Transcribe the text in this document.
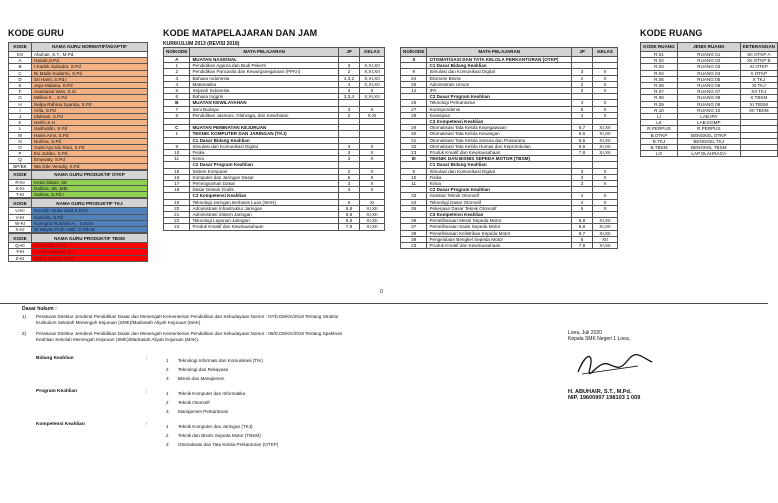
KODE GURU	KODE MATAPELAJARAN DAN JAM	KODE RUANG
KODE	NAMA GURU NORMATIF/ADAPTIF
KS	Abuhair, S.T., M.Pd.
A	Hanah,S.Pd.
B	I Kadek Subadra, S.Pd
C	Ni Made Sudarmi, S.Pd
D	Sri Hanti, S.Pd.I
E	Jaya Mulana, S.Pd
F	Anastasia Wea, S.Si
G	Melina K. , S.Pd
H	Nelpa Rahma Syamta, S.Pd
I	Arila, S.Pd
J	Idulman, S.Pd
K	Herlin,S.H
L	Sarifuddin, S.Pd
M	Hanis Amir, S.Pd
N	Nurlina, S.Pd
O	Gusti Ayu Idu Rani, S.Pd
P	Evi Juslan, S.Pd
Q	Emywaty, S.Pd
BP/BK	Wa Ode Veradiy, S.Pd
KODE	NAMA GURU PRODUKTIF OTKP
R-KI	Ketut Sitiani, SE
S-KI	Dallora, SE.,MM
T-KI	Sartina, S.Pd.I
KODE	NAMA GURU PRODUKTIF TKJ
U-KI	M.Kahir Atuku Said,S.Kom
V-KI	Karimila, S.Pd
W-KI	Kuringrat Rusmini A. , S.Kom
X-KI	Ni Wayan Putri Astiti, S.Tek.M
KODE	NAMA GURU PRODUKTIF TBSM
Q-KI	Suhendar, S.Pd
Y-KI	Ari EB Anggara, S.T.
Z-KI	Ratna Anjaya, S.Pd
KURIKULUM 2013 (REVISI 2018)
NO/KODE	MATA PELAJARAN	JP	KELAS
A	MUATAN NASIONAL		
1	Pendidikan Agama dan Budi Pekerti	3	X,XI,XII
2	Pendidikan Pancasila dan Kewarganegaraan (PPKn)	2	X,XI,XII
3	Bahasa Indonesia	4,3,2	X,XI,XII
4	Matematika	4	X,XI,XII
5	Sejarah Indonesia	3	X
6	Bahasa Inggris	3,3,4	X,XI,XII
B	MUATAN KEWILAYAHAN		
7	Seni Budaya	3	X
8	Pendidikan Jasmani, Olahraga, dan Kesehatan	2	X,XI

C	MUATAN PEMINATAN KEJURUAN		
I	TEKNIK KOMPUTER DAN JARINGAN (TKJ)		
	C1 Dasar Bidang Keahlian		
9	Simulasi dan Komunikasi Digital	3	X
10	Fisika	3	X
11	Kimia	3	X
	C2 Dasar Program Keahlian		
15	Sistem Komputer	2	X
16	Komputer dan Jaringan Dasar	5	X
17	Pemrograman Dasar	3	X
18	Dasar Desain Grafis	3	X
	C3 Kompetensi Keahlian		
19	Teknologi Jaringan Berbasis Luas (WAN)	6	XI
20	Administrasi Infrastruktur Jaringan	6,8	XI,XII
21	Administrasi Sistem Jaringan	6,8	XI,XII
22	Teknologi Layanan Jaringan	6,8	XI,XII
23	Produk Kreatif dan Kewirausahaan	7,8	XI,XII
NO/KODE	MATA PELAJARAN	JP	KELAS
II	OTOMATISASI DAN TATA KELOLA PERKANTORAN (OTKP)		
	C1 Dasar Bidang Keahlian		
9	Simulasi dan Komunikasi Digital	3	X
24	Ekonomi Bisnis	2	X
25	Administrasi Umum	2	X
12	IPA	2	X
	C2 Dasar Program Keahlian		
26	Teknologi Perkantoran	4	X
27	Korespondensi	5	X
28	Kearsipan	4	X
	C3 Kompetensi Keahlian		
29	Otomatisasi Tata Kelola Kepegawaian	6,7	XI,XII
30	Otomatisasi Tata Kelola Keuangan	6,6	XI,XII
31	Otomatisasi Tata Kelola Sarana dan Prasarana	6,6	XI,XII
32	Otomatisasi Tata Kelola Humas dan Keprotokolan	6,6	XI,XII
23	Produk Kreatif dan Kewirausahaan	7,8	XI,XII
III	TEKNIK DAN BISNIS SEPEDA MOTOR (TBSM)		
	C1 Dasar Bidang Keahlian		
9	Simulasi dan Komunikasi Digital	3	X
10	Fisika	3	X
11	Kimia	3	X
	C2 Dasar Program Keahlian		
33	Gambar Teknik Otomotif	4	X
34	Teknologi Dasar Otomotif	4	X
35	Pekerjaan Dasar Teknik Otomotif	5	X
	C3 Kompetensi Keahlian		
36	Pemeliharaan Mesin Sepeda Motor	8,8	XI,XII
37	Pemeliharaan Sasis Sepeda Motor	8,8	XI,XII
38	Pemeliharaan Kelistrikan Sepeda Motor	8,7	XI,XII
39	Pengelolaan Bengkel Sepeda Motor	8	XII
23	Produk Kreatif dan Kewirausahaan	7,8	XI,XII
KODE RUANG	JENIS RUANG	KETERANGAN
R.01	RUANG 01	XII OTKP A
R.02	RUANG 02	XII OTKP B
R.03	RUANG 03	XI OTKP
R.04	RUANG 04	X OTKP
R.05	RUANG 05	X TKJ
R.06	RUANG 06	XI TKJ
R.07	RUANG 07	XII TKJ
R.08	RUANG 08	X TBSM
R.09	RUANG 09	XI TBSM
R.10	RUANG 10	XII TBSM
LI	LAB.IPA	
LK	LAB.KOMP	
R.PERPUS	R.PERPUS	
B.OTKP	BENGKEL OTKP	
B.TKJ	BENGKEL TKJ	
B.TBSM	BENGKEL TBSM	
LO	LAP.OLAHRAGA	
0
Dasar hukum :
1)	Peraturan Direktur Jenderal Pendidikan Dasar dan Menengah Kementerian Pendidikan dan Kebudayaan Nomor : 07/D.D5/KK/2018 Tentang Struktur Kurikulum Sekolah Menengah Kejuruan (SMK)/Madrasah Aliyah Kejuruan (MAK)
2)	Peraturan Direktur Jenderal Pendidikan Dasar dan Menengah Kementerian Pendidikan dan Kebudayaan Nomor : 06/D.D5/KK/2018 Tentang Spektrum Keahlian Sekolah Menengah Kejuruan (SMK)/Madrasah Aliyah Kejuruan (MAK).
Bidang Keahlian	:	1	Teknologi Informasi dan Komunikasi (TIK)
2	Teknologi dan Rekayasa
3	Bisnis dan Manajemen
Program Keahlian	:	1	Teknik Komputer dan Informatika
2	Teknik Otomotif
3	Manajemen Perkantoran
Kompetensi Keahlian	:	1	Teknik Komputer dan Jaringan (TKJ)
2	Teknik dan Bisnis Sepeda Motor (TBSM)
3	Otomatisasi dan Tata Kelola Perkantoran (OTKP)
Loea, Juli 2020
Kepala SMK Negeri 1 Loea,
H. ABUHAIR, S.T., M.Pd.
NIP. 19600907 198103 1 009
